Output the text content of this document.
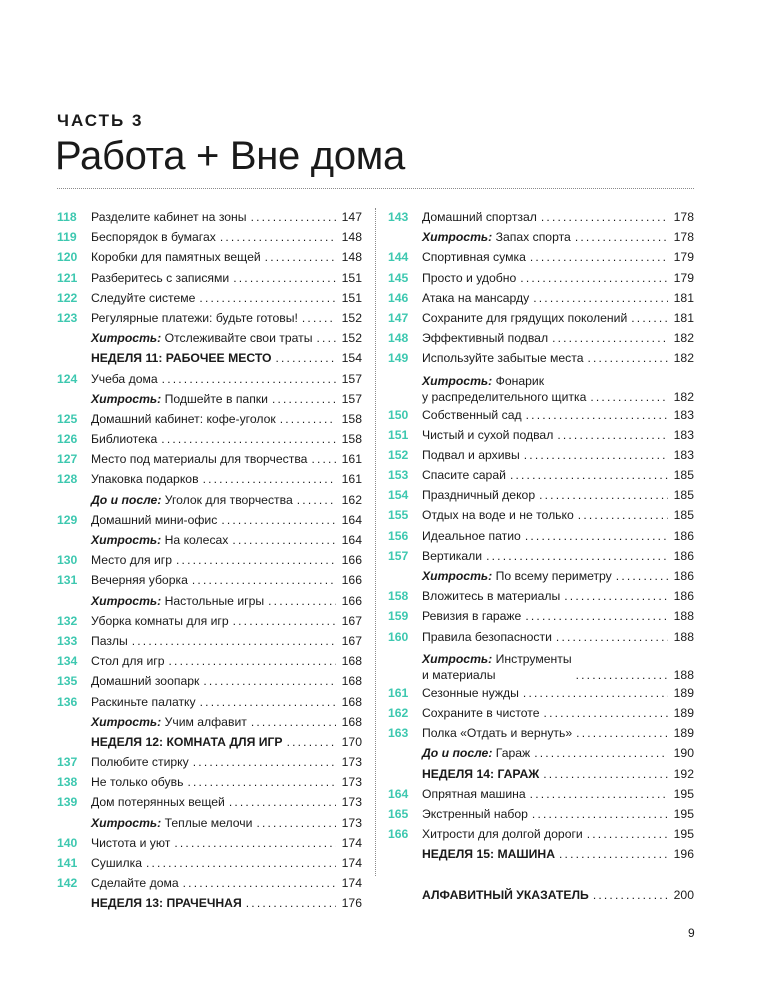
ЧАСТЬ 3
Работа + Вне дома
118	Разделите кабинет на зоны .....	147
119	Беспорядок в бумагах .....	148
120	Коробки для памятных вещей .....	148
121	Разберитесь с записями .....	151
122	Следуйте системе .....	151
123	Регулярные платежи: будьте готовы! .....	152
Хитрость: Отслеживайте свои траты ..... 152
НЕДЕЛЯ 11: РАБОЧЕЕ МЕСТО .....	154
124	Учеба дома .....	157
Хитрость: Подшейте в папки .....	157
125	Домашний кабинет: кофе-уголок .....	158
126	Библиотека .....	158
127	Место под материалы для творчества .....	161
128	Упаковка подарков .....	161
До и после: Уголок для творчества .....	162
129	Домашний мини-офис .....	164
Хитрость: На колесах .....	164
130	Место для игр .....	166
131	Вечерняя уборка .....	166
Хитрость: Настольные игры .....	166
132	Уборка комнаты для игр .....	167
133	Пазлы .....	167
134	Стол для игр .....	168
135	Домашний зоопарк .....	168
136	Раскиньте палатку .....	168
Хитрость: Учим алфавит .....	168
НЕДЕЛЯ 12: КОМНАТА ДЛЯ ИГР .....	170
137	Полюбите стирку .....	173
138	Не только обувь .....	173
139	Дом потерянных вещей .....	173
Хитрость: Теплые мелочи .....	173
140	Чистота и уют .....	174
141	Сушилка .....	174
142	Сделайте дома .....	174
НЕДЕЛЯ 13: ПРАЧЕЧНАЯ .....	176
143	Домашний спортзал .....	178
Хитрость: Запах спорта .....	178
144	Спортивная сумка .....	179
145	Просто и удобно .....	179
146	Атака на мансарду .....	181
147	Сохраните для грядущих поколений .....	181
148	Эффективный подвал .....	182
149	Используйте забытые места .....	182
Хитрость: Фонарик
у распределительного щитка .....	182
150	Собственный сад .....	183
151	Чистый и сухой подвал .....	183
152	Подвал и архивы .....	183
153	Спасите сарай .....	185
154	Праздничный декор .....	185
155	Отдых на воде и не только .....	185
156	Идеальное патио .....	186
157	Вертикали .....	186
Хитрость: По всему периметру .....	186
158	Вложитесь в материалы .....	186
159	Ревизия в гараже .....	188
160	Правила безопасности .....	188
Хитрость: Инструменты
и материалы .....	188
161	Сезонные нужды .....	189
162	Сохраните в чистоте .....	189
163	Полка «Отдать и вернуть» .....	189
До и после: Гараж .....	190
НЕДЕЛЯ 14: ГАРАЖ .....	192
164	Опрятная машина .....	195
165	Экстренный набор .....	195
166	Хитрости для долгой дороги .....	195
НЕДЕЛЯ 15: МАШИНА .....	196
АЛФАВИТНЫЙ УКАЗАТЕЛЬ .....	200
9
